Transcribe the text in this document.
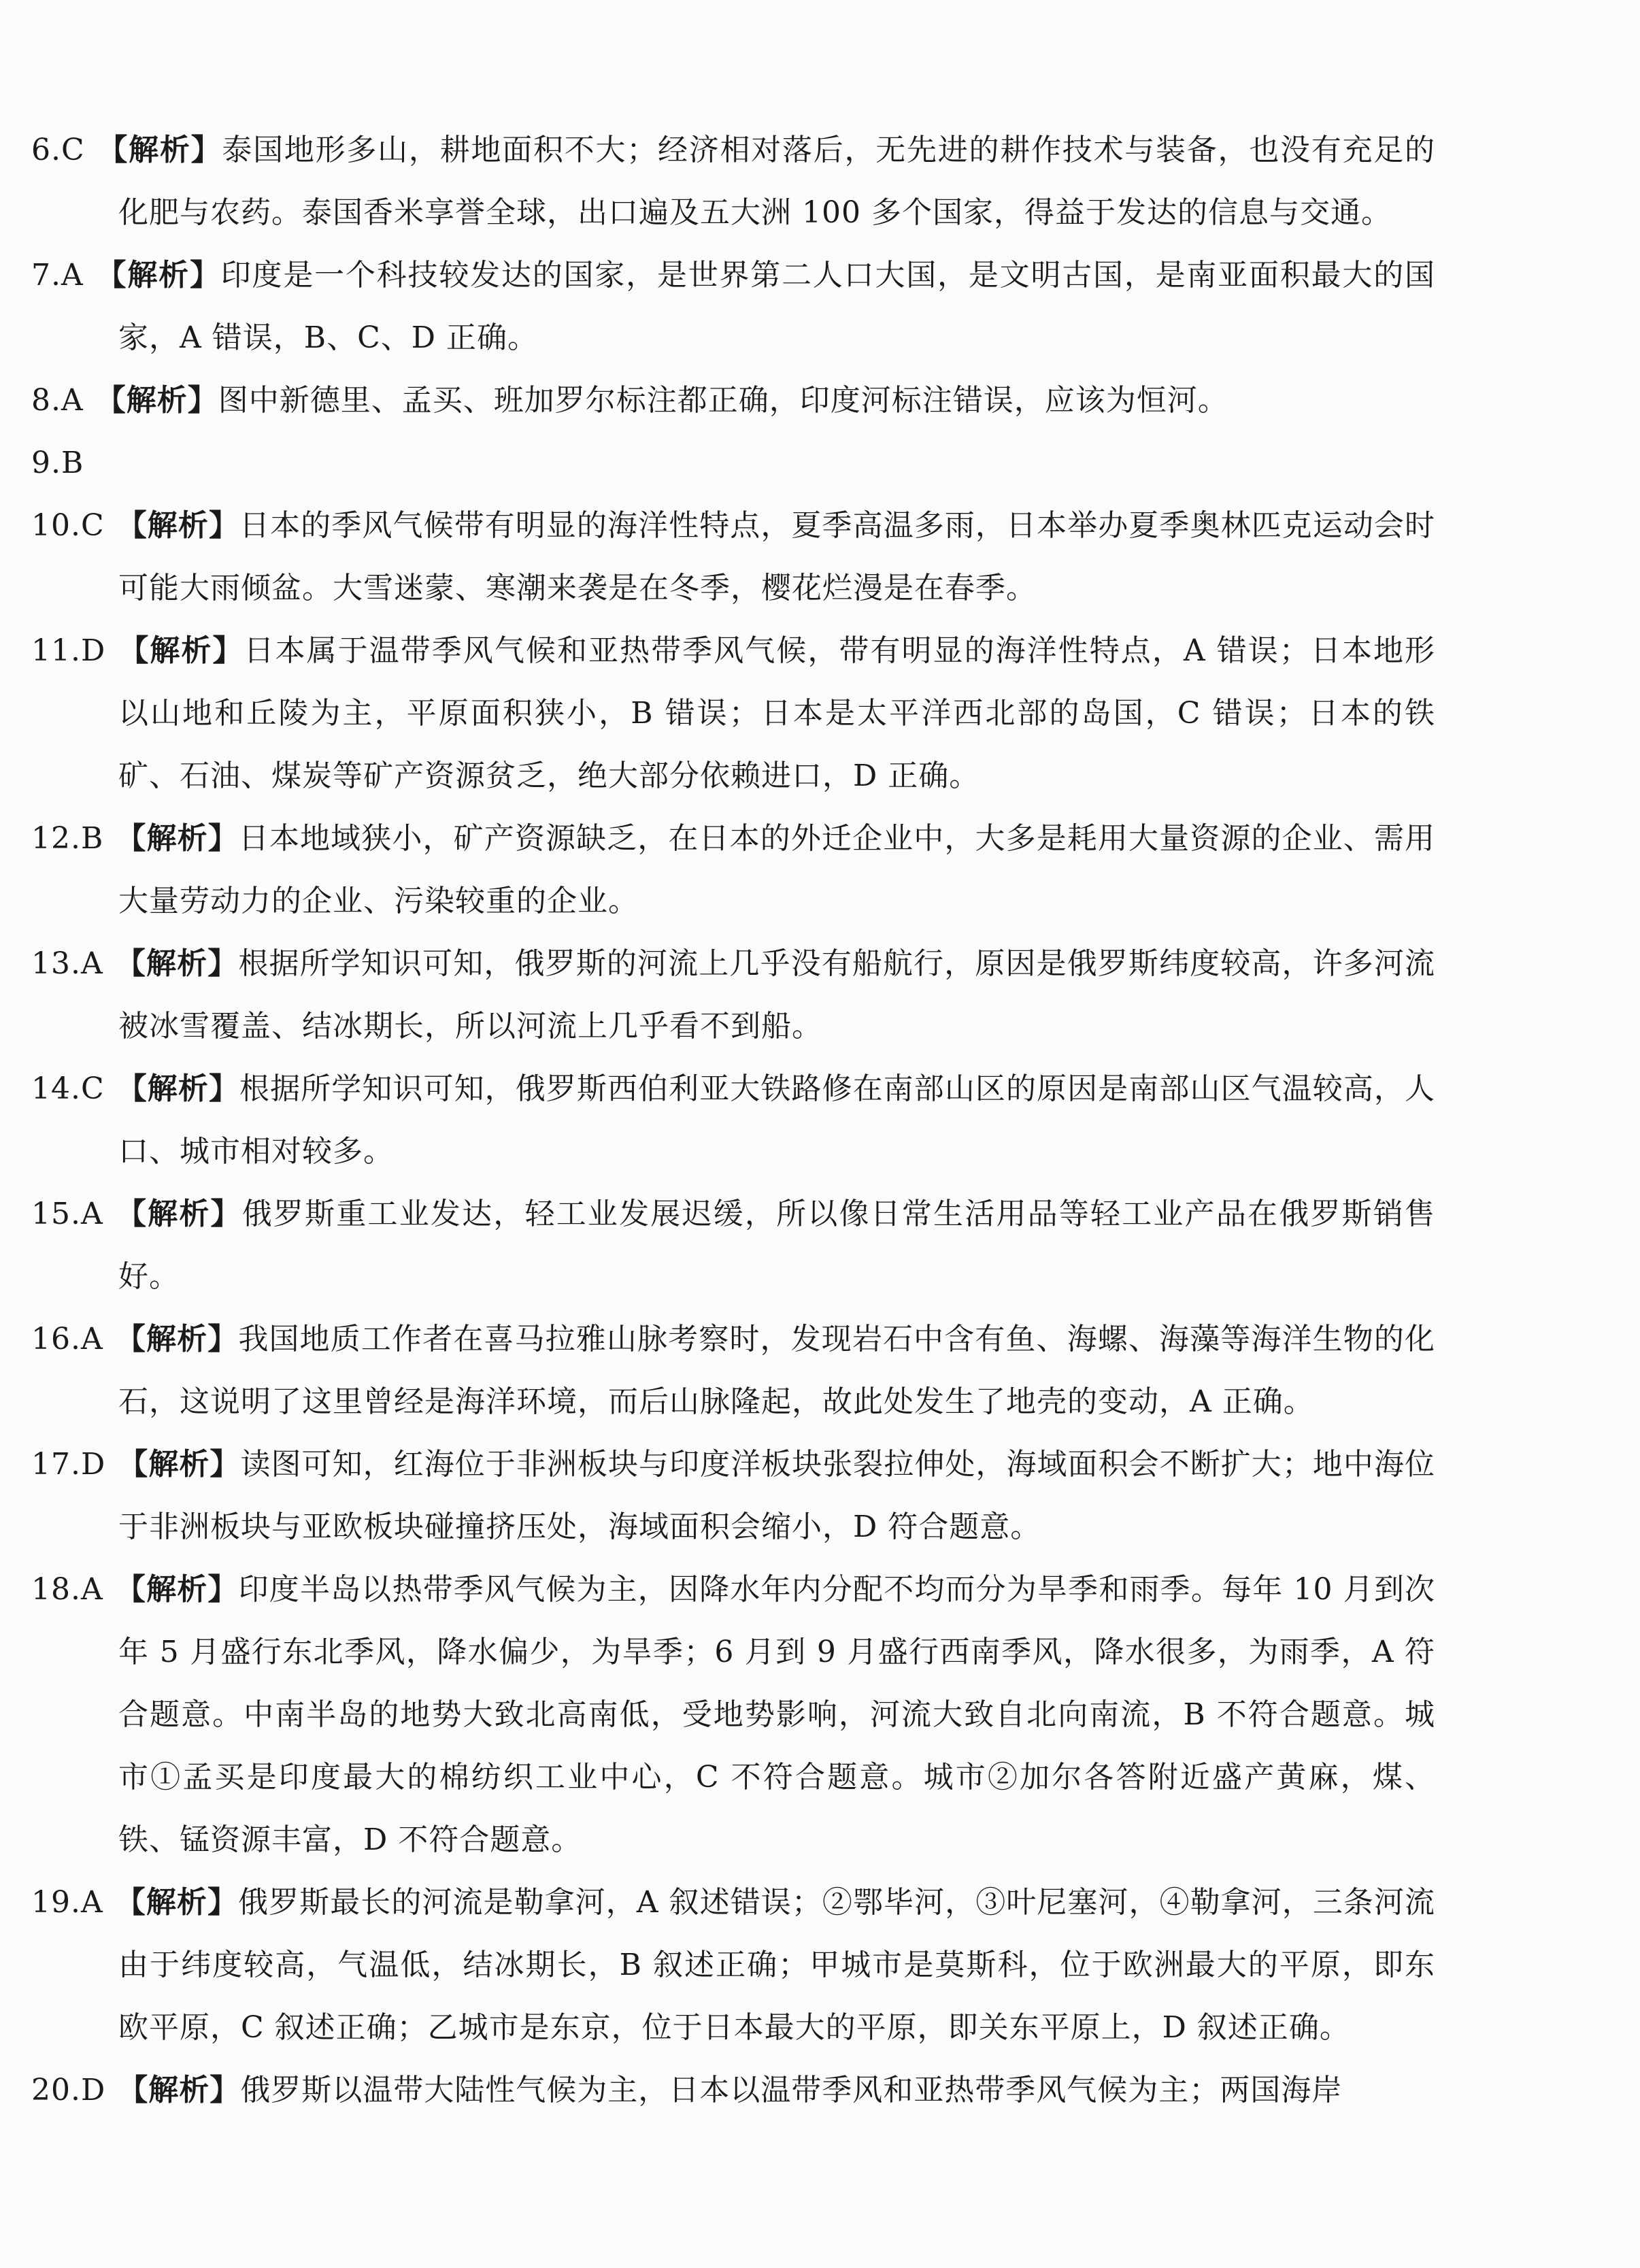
6.C 【解析】泰国地形多山，耕地面积不大；经济相对落后，无先进的耕作技术与装备，也没有充足的化肥与农药。泰国香米享誉全球，出口遍及五大洲 100 多个国家，得益于发达的信息与交通。

7.A 【解析】印度是一个科技较发达的国家，是世界第二人口大国，是文明古国，是南亚面积最大的国家，A 错误，B、C、D 正确。

8.A 【解析】图中新德里、孟买、班加罗尔标注都正确，印度河标注错误，应该为恒河。

9.B

10.C 【解析】日本的季风气候带有明显的海洋性特点，夏季高温多雨，日本举办夏季奥林匹克运动会时可能大雨倾盆。大雪迷蒙、寒潮来袭是在冬季，樱花烂漫是在春季。

11.D 【解析】日本属于温带季风气候和亚热带季风气候，带有明显的海洋性特点，A 错误；日本地形以山地和丘陵为主，平原面积狭小，B 错误；日本是太平洋西北部的岛国，C 错误；日本的铁矿、石油、煤炭等矿产资源贫乏，绝大部分依赖进口，D 正确。

12.B 【解析】日本地域狭小，矿产资源缺乏，在日本的外迁企业中，大多是耗用大量资源的企业、需用大量劳动力的企业、污染较重的企业。

13.A 【解析】根据所学知识可知，俄罗斯的河流上几乎没有船航行，原因是俄罗斯纬度较高，许多河流被冰雪覆盖、结冰期长，所以河流上几乎看不到船。

14.C 【解析】根据所学知识可知，俄罗斯西伯利亚大铁路修在南部山区的原因是南部山区气温较高，人口、城市相对较多。

15.A 【解析】俄罗斯重工业发达，轻工业发展迟缓，所以像日常生活用品等轻工业产品在俄罗斯销售好。

16.A 【解析】我国地质工作者在喜马拉雅山脉考察时，发现岩石中含有鱼、海螺、海藻等海洋生物的化石，这说明了这里曾经是海洋环境，而后山脉隆起，故此处发生了地壳的变动，A 正确。

17.D 【解析】读图可知，红海位于非洲板块与印度洋板块张裂拉伸处，海域面积会不断扩大；地中海位于非洲板块与亚欧板块碰撞挤压处，海域面积会缩小，D 符合题意。

18.A 【解析】印度半岛以热带季风气候为主，因降水年内分配不均而分为旱季和雨季。每年 10 月到次年 5 月盛行东北季风，降水偏少，为旱季；6 月到 9 月盛行西南季风，降水很多，为雨季，A 符合题意。中南半岛的地势大致北高南低，受地势影响，河流大致自北向南流，B 不符合题意。城市①孟买是印度最大的棉纺织工业中心，C 不符合题意。城市②加尔各答附近盛产黄麻，煤、铁、锰资源丰富，D 不符合题意。

19.A 【解析】俄罗斯最长的河流是勒拿河，A 叙述错误；②鄂毕河，③叶尼塞河，④勒拿河，三条河流由于纬度较高，气温低，结冰期长，B 叙述正确；甲城市是莫斯科，位于欧洲最大的平原，即东欧平原，C 叙述正确；乙城市是东京，位于日本最大的平原，即关东平原上，D 叙述正确。

20.D 【解析】俄罗斯以温带大陆性气候为主，日本以温带季风和亚热带季风气候为主；两国海岸
